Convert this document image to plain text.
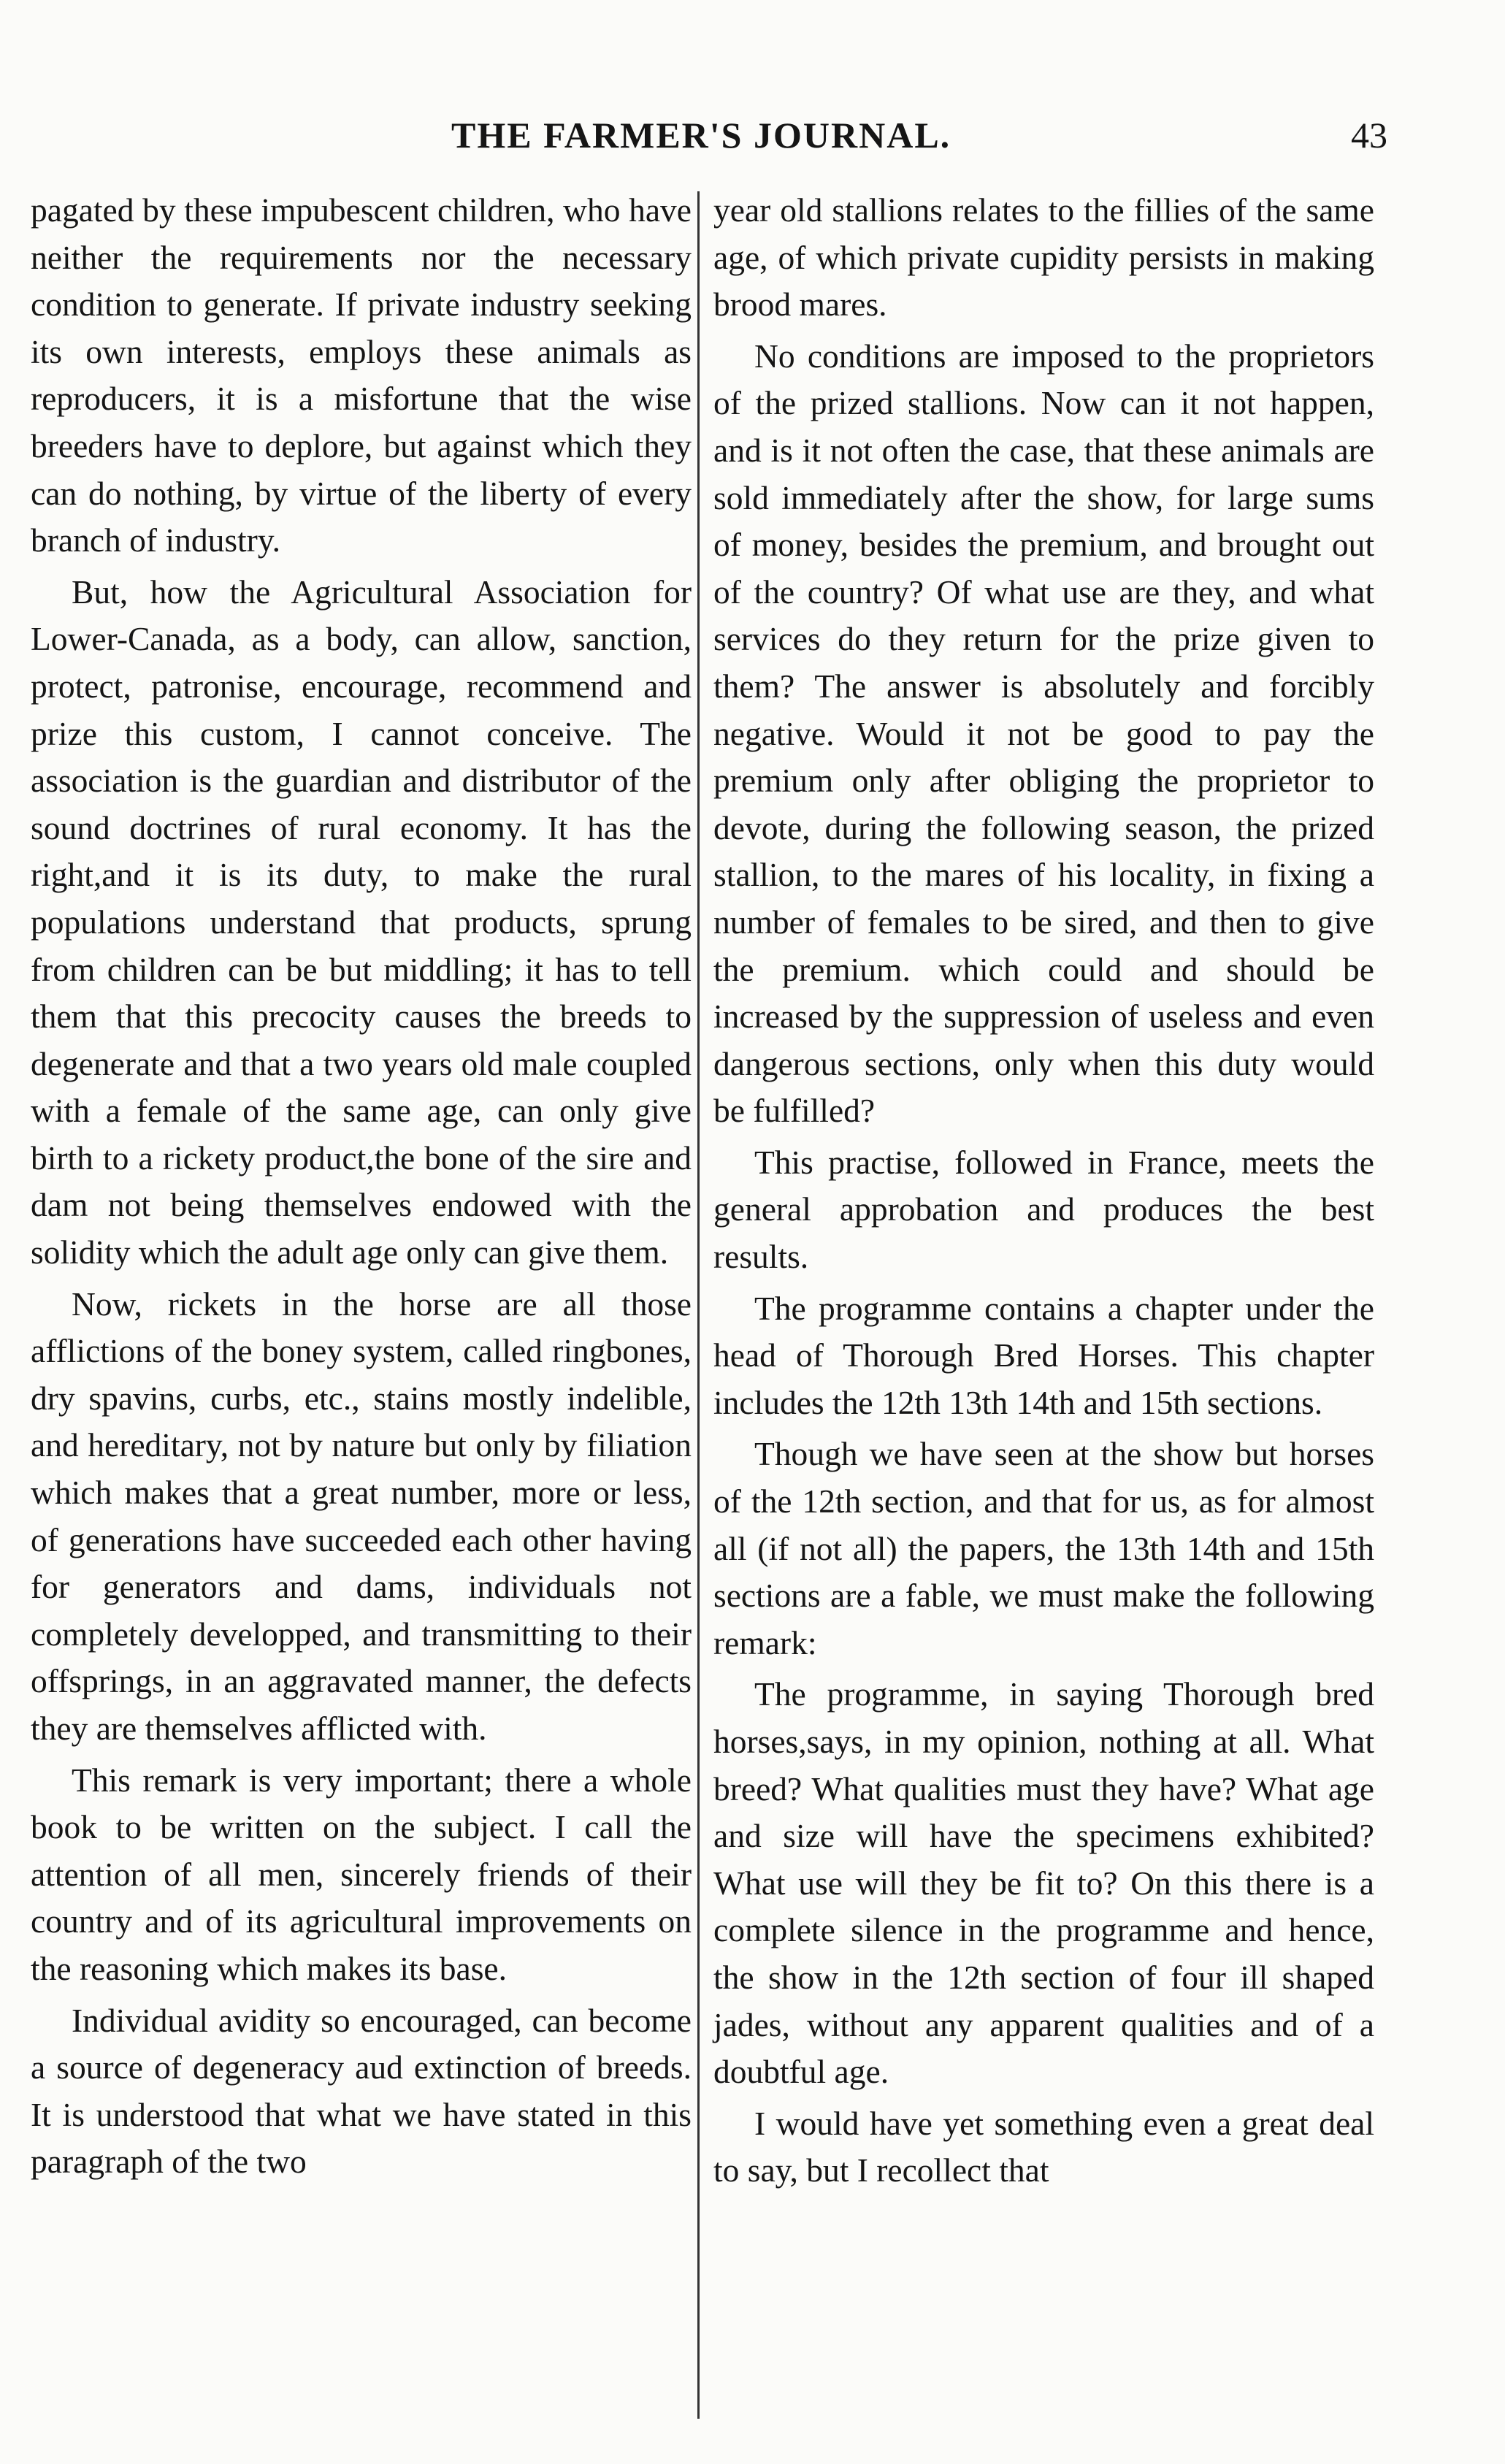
THE FARMER'S JOURNAL.	43

pagated by these impubescent children, who have neither the requirements nor the necessary condition to generate. If private industry seeking its own interests, employs these animals as reproducers, it is a misfortune that the wise breeders have to deplore, but against which they can do nothing, by virtue of the liberty of every branch of industry.

But, how the Agricultural Association for Lower-Canada, as a body, can allow, sanction, protect, patronise, encourage, recommend and prize this custom, I cannot conceive. The association is the guardian and distributor of the sound doctrines of rural economy. It has the right,and it is its duty, to make the rural populations understand that products, sprung from children can be but middling; it has to tell them that this precocity causes the breeds to degenerate and that a two years old male coupled with a female of the same age, can only give birth to a rickety product,the bone of the sire and dam not being themselves endowed with the solidity which the adult age only can give them.

Now, rickets in the horse are all those afflictions of the boney system, called ringbones, dry spavins, curbs, etc., stains mostly indelible, and hereditary, not by nature but only by filiation which makes that a great number, more or less, of generations have succeeded each other having for generators and dams, individuals not completely developped, and transmitting to their offsprings, in an aggravated manner, the defects they are themselves afflicted with.

This remark is very important; there a whole book to be written on the subject. I call the attention of all men, sincerely friends of their country and of its agricultural improvements on the reasoning which makes its base.

Individual avidity so encouraged, can become a source of degeneracy aud extinction of breeds. It is understood that what we have stated in this paragraph of the two

year old stallions relates to the fillies of the same age, of which private cupidity persists in making brood mares.

No conditions are imposed to the proprietors of the prized stallions. Now can it not happen, and is it not often the case, that these animals are sold immediately after the show, for large sums of money, besides the premium, and brought out of the country? Of what use are they, and what services do they return for the prize given to them? The answer is absolutely and forcibly negative. Would it not be good to pay the premium only after obliging the proprietor to devote, during the following season, the prized stallion, to the mares of his locality, in fixing a number of females to be sired, and then to give the premium. which could and should be increased by the suppression of useless and even dangerous sections, only when this duty would be fulfilled?

This practise, followed in France, meets the general approbation and produces the best results.

The programme contains a chapter under the head of Thorough Bred Horses. This chapter includes the 12th 13th 14th and 15th sections.

Though we have seen at the show but horses of the 12th section, and that for us, as for almost all (if not all) the papers, the 13th 14th and 15th sections are a fable, we must make the following remark:

The programme, in saying Thorough bred horses,says, in my opinion, nothing at all. What breed? What qualities must they have? What age and size will have the specimens exhibited? What use will they be fit to? On this there is a complete silence in the programme and hence, the show in the 12th section of four ill shaped jades, without any apparent qualities and of a doubtful age.

I would have yet something even a great deal to say, but I recollect that
